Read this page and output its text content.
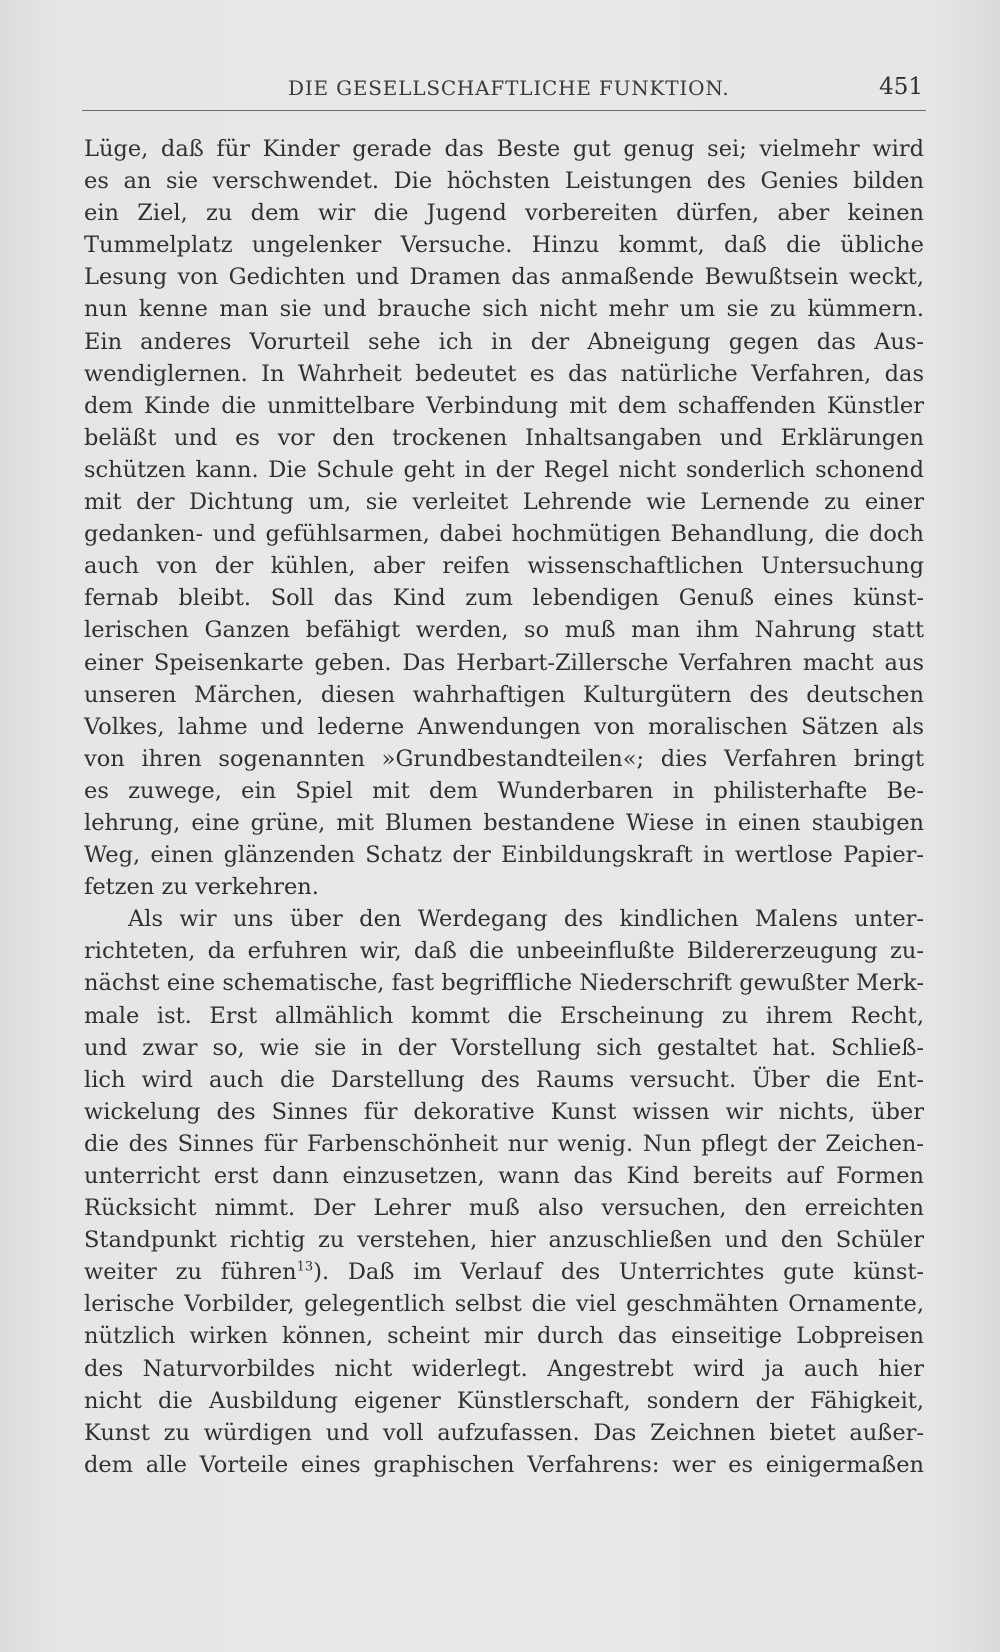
DIE GESELLSCHAFTLICHE FUNKTION.	451
Lüge, daß für Kinder gerade das Beste gut genug sei; vielmehr wird
es an sie verschwendet. Die höchsten Leistungen des Genies bilden
ein Ziel, zu dem wir die Jugend vorbereiten dürfen, aber keinen
Tummelplatz ungelenker Versuche. Hinzu kommt, daß die übliche
Lesung von Gedichten und Dramen das anmaßende Bewußtsein weckt,
nun kenne man sie und brauche sich nicht mehr um sie zu kümmern.
Ein anderes Vorurteil sehe ich in der Abneigung gegen das Aus-
wendiglernen. In Wahrheit bedeutet es das natürliche Verfahren, das
dem Kinde die unmittelbare Verbindung mit dem schaffenden Künstler
beläßt und es vor den trockenen Inhaltsangaben und Erklärungen
schützen kann. Die Schule geht in der Regel nicht sonderlich schonend
mit der Dichtung um, sie verleitet Lehrende wie Lernende zu einer
gedanken- und gefühlsarmen, dabei hochmütigen Behandlung, die doch
auch von der kühlen, aber reifen wissenschaftlichen Untersuchung
fernab bleibt. Soll das Kind zum lebendigen Genuß eines künst-
lerischen Ganzen befähigt werden, so muß man ihm Nahrung statt
einer Speisenkarte geben. Das Herbart-Zillersche Verfahren macht aus
unseren Märchen, diesen wahrhaftigen Kulturgütern des deutschen
Volkes, lahme und lederne Anwendungen von moralischen Sätzen als
von ihren sogenannten »Grundbestandteilen«; dies Verfahren bringt
es zuwege, ein Spiel mit dem Wunderbaren in philisterhafte Be-
lehrung, eine grüne, mit Blumen bestandene Wiese in einen staubigen
Weg, einen glänzenden Schatz der Einbildungskraft in wertlose Papier-
fetzen zu verkehren.
Als wir uns über den Werdegang des kindlichen Malens unter-
richteten, da erfuhren wir, daß die unbeeinflußte Bildererzeugung zu-
nächst eine schematische, fast begriffliche Niederschrift gewußter Merk-
male ist. Erst allmählich kommt die Erscheinung zu ihrem Recht,
und zwar so, wie sie in der Vorstellung sich gestaltet hat. Schließ-
lich wird auch die Darstellung des Raums versucht. Über die Ent-
wickelung des Sinnes für dekorative Kunst wissen wir nichts, über
die des Sinnes für Farbenschönheit nur wenig. Nun pflegt der Zeichen-
unterricht erst dann einzusetzen, wann das Kind bereits auf Formen
Rücksicht nimmt. Der Lehrer muß also versuchen, den erreichten
Standpunkt richtig zu verstehen, hier anzuschließen und den Schüler
weiter zu führen$^{13}$). Daß im Verlauf des Unterrichtes gute künst-
lerische Vorbilder, gelegentlich selbst die viel geschmähten Ornamente,
nützlich wirken können, scheint mir durch das einseitige Lobpreisen
des Naturvorbildes nicht widerlegt. Angestrebt wird ja auch hier
nicht die Ausbildung eigener Künstlerschaft, sondern der Fähigkeit,
Kunst zu würdigen und voll aufzufassen. Das Zeichnen bietet außer-
dem alle Vorteile eines graphischen Verfahrens: wer es einigermaßen
